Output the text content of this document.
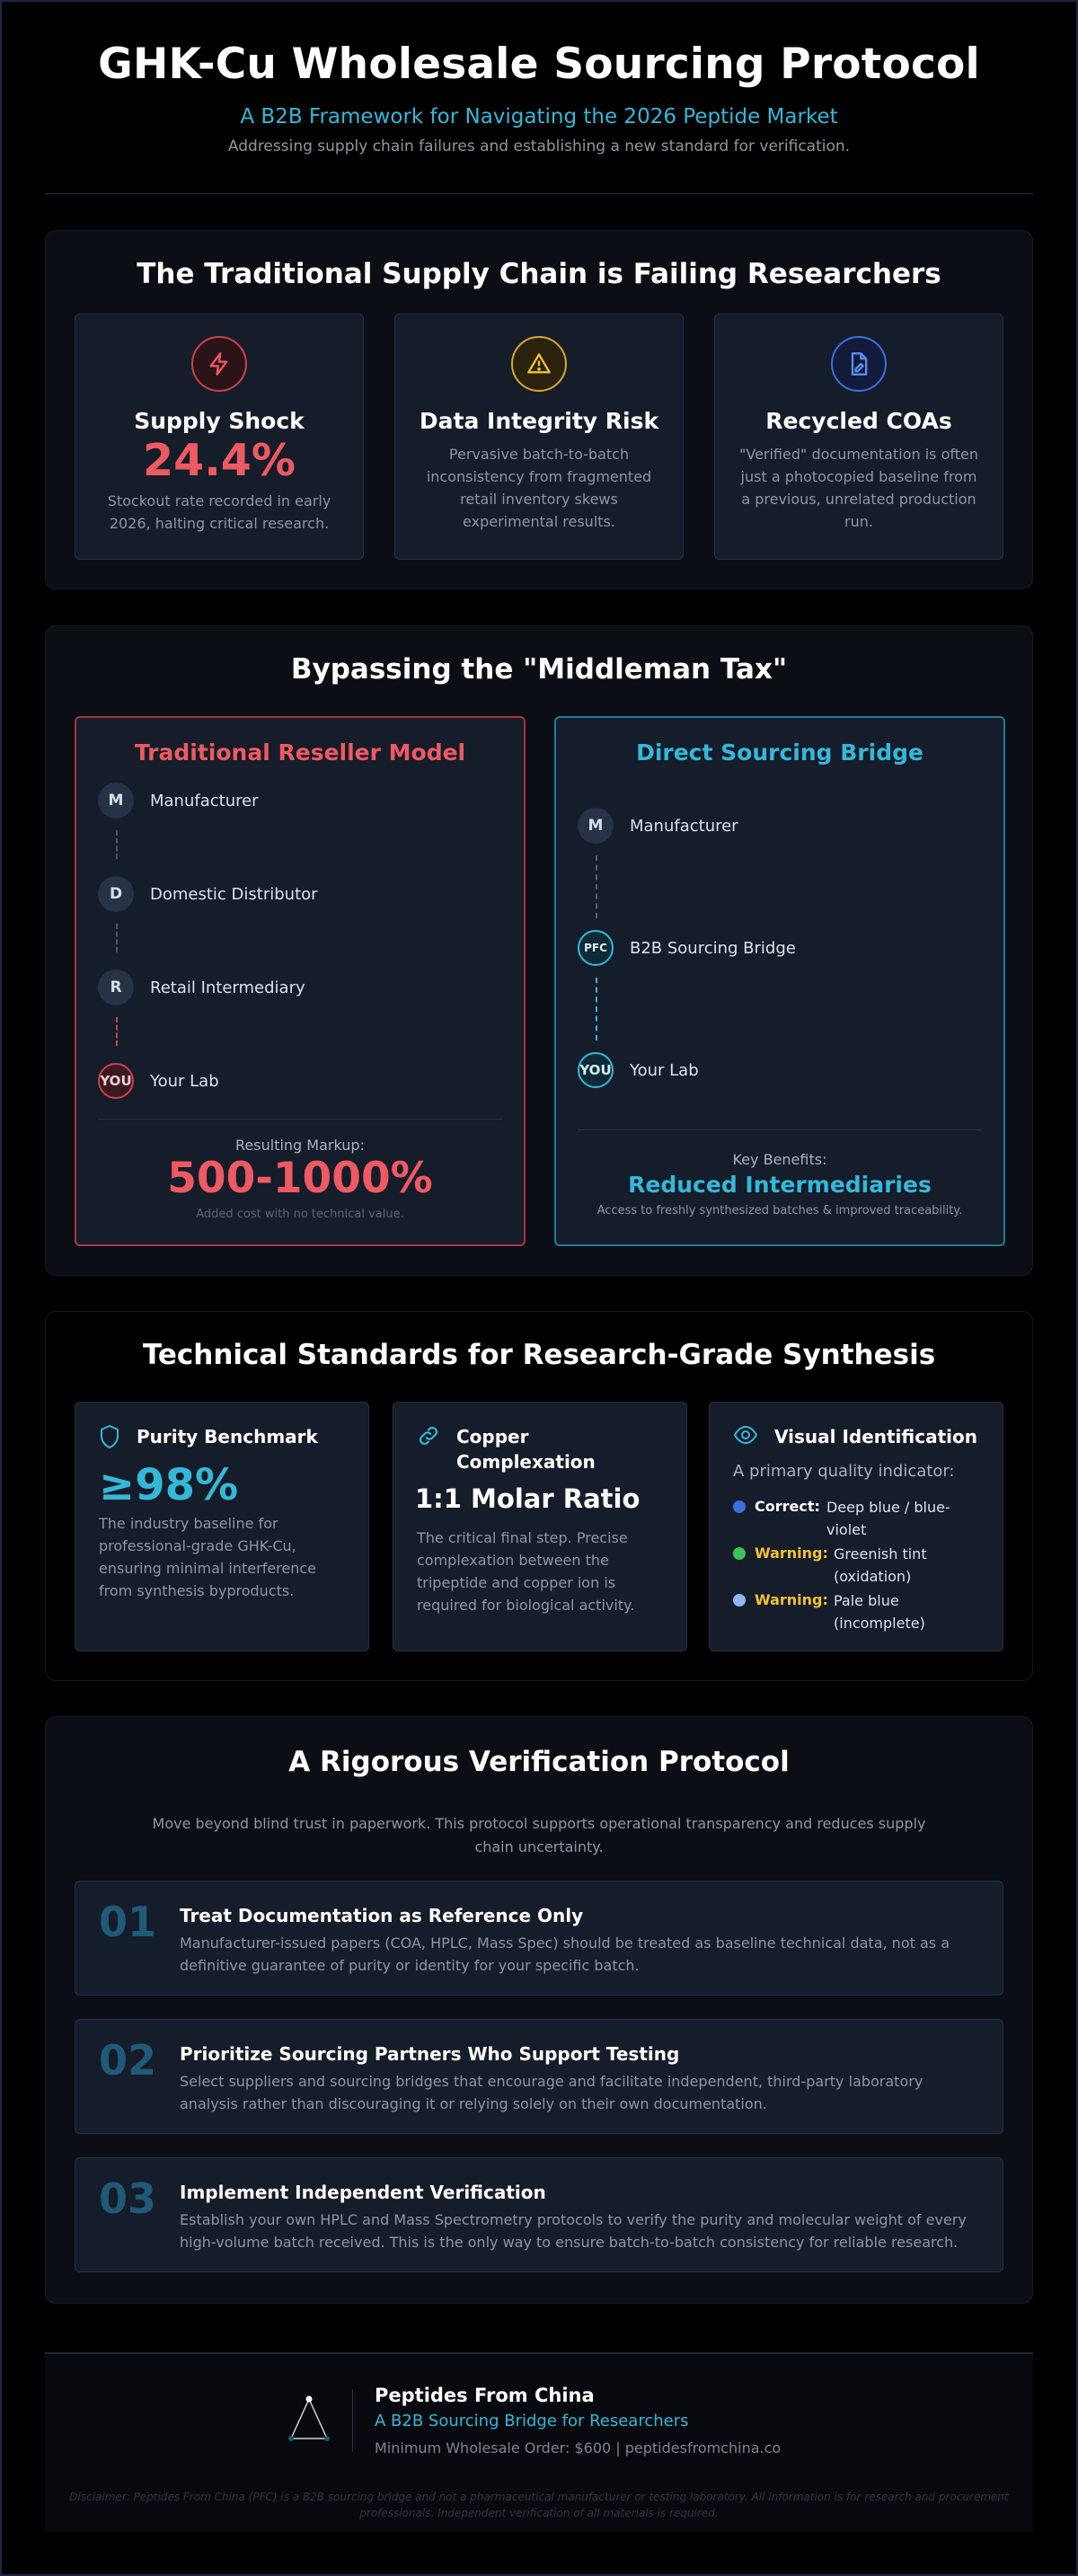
GHK-Cu Wholesale Sourcing Protocol
A B2B Framework for Navigating the 2026 Peptide Market
Addressing supply chain failures and establishing a new standard for verification.
The Traditional Supply Chain is Failing Researchers
Supply Shock
24.4%

Stockout rate recorded in early 2026, halting critical research.

Data Integrity Risk

Pervasive batch-to-batch inconsistency from fragmented retail inventory skews experimental results.

Recycled COAs

"Verified" documentation is often just a photocopied baseline from a previous, unrelated production run.

Bypassing the "Middleman Tax"
Traditional Reseller Model
M	Manufacturer
D	Domestic Distributor
R	Retail Intermediary
YOU Your Lab
Resulting Markup:
500-1000%
Added cost with no technical value.
Direct Sourcing Bridge
M	Manufacturer
PFC	B2B Sourcing Bridge
YOU Your Lab
Key Benefits:
Reduced Intermediaries
Access to freshly synthesized batches & improved traceability.
Technical Standards for Research-Grade Synthesis
Purity Benchmark
≥98%
The industry baseline for professional-grade GHK-Cu, ensuring minimal interference from synthesis byproducts.
Copper
Complexation
1:1 Molar Ratio
The critical final step. Precise complexation between the tripeptide and copper ion is required for biological activity.
Visual Identification
A primary quality indicator:
Correct: Deep blue / blue-
violet
Warning: Greenish tint
(oxidation)
Warning: Pale blue
(incomplete)
A Rigorous Verification Protocol

Move beyond blind trust in paperwork. This protocol supports operational transparency and reduces supply chain uncertainty.

01 Treat Documentation as Reference Only

Manufacturer-issued papers (COA, HPLC, Mass Spec) should be treated as baseline technical data, not as a definitive guarantee of purity or identity for your specific batch.

02 Prioritize Sourcing Partners Who Support Testing

Select suppliers and sourcing bridges that encourage and facilitate independent, third-party laboratory analysis rather than discouraging it or relying solely on their own documentation.

03 Implement Independent Verification

Establish your own HPLC and Mass Spectrometry protocols to verify the purity and molecular weight of every high-volume batch received. This is the only way to ensure batch-to-batch consistency for reliable research.

Peptides From China
A B2B Sourcing Bridge for Researchers
Minimum Wholesale Order: $600 | peptidesfromchina.co
Disclaimer: Peptides From China (PFC) is a B2B sourcing bridge and not a pharmaceutical manufacturer or testing laboratory. All information is for research and procurement professionals. Independent verification of all materials is required.
